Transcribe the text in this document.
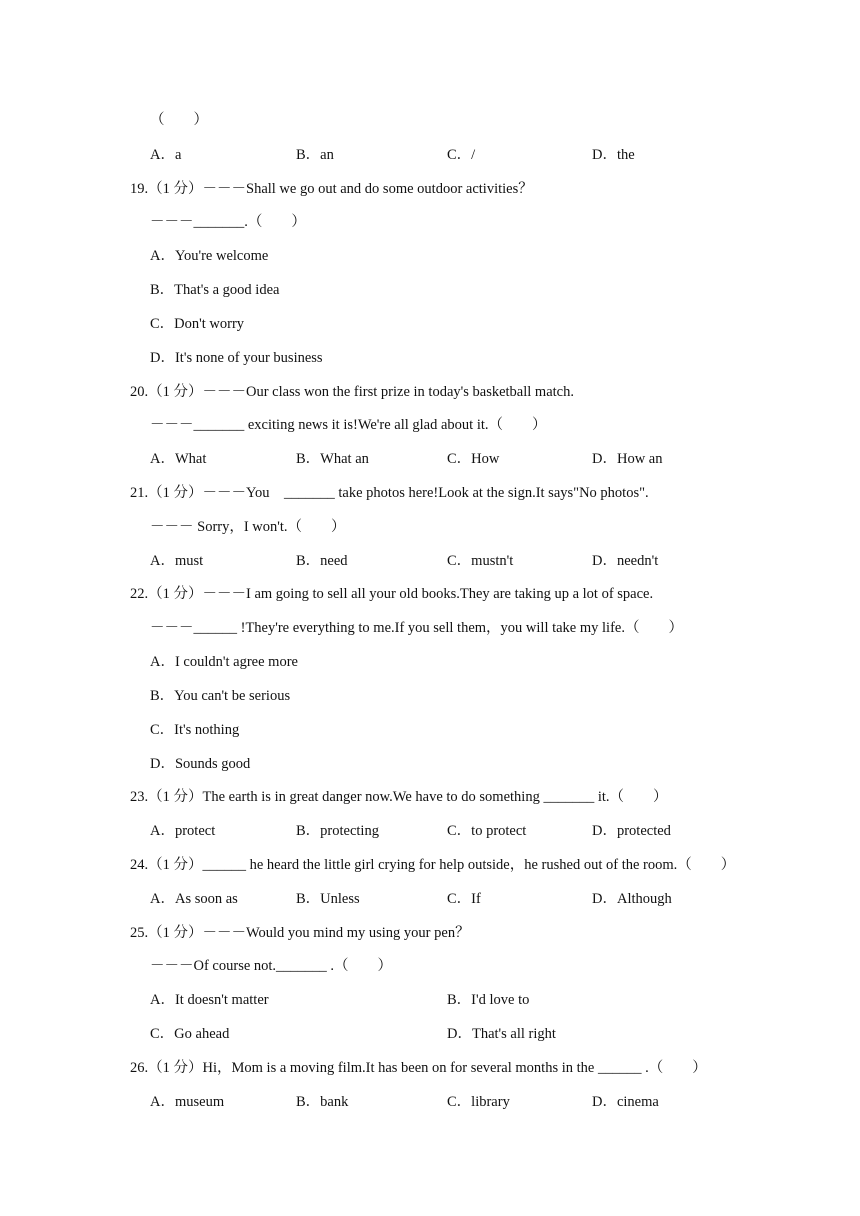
（　　）
A．a	B．an	C．/	D．the
19.（1 分）－－－Shall we go out and do some outdoor activities？
－－－_______.（　　）
A．You're welcome
B．That's a good idea
C．Don't worry
D．It's none of your business
20.（1 分）－－－Our class won the first prize in today's basketball match.
－－－_______ exciting news it is!We're all glad about it.（　　）
A．What	B．What an	C．How	D．How an
21.（1 分）－－－You　_______ take photos here!Look at the sign.It says"No photos".
－－－ Sorry，I won't.（　　）
A．must	B．need	C．mustn't	D．needn't
22.（1 分）－－－I am going to sell all your old books.They are taking up a lot of space.
－－－______ !They're everything to me.If you sell them，you will take my life.（　　）
A．I couldn't agree more
B．You can't be serious
C．It's nothing
D．Sounds good
23.（1 分）The earth is in great danger now.We have to do something _______ it.（　　）
A．protect	B．protecting	C．to protect	D．protected
24.（1 分）______ he heard the little girl crying for help outside，he rushed out of the room.（　　）
A．As soon as	B．Unless	C．If	D．Although
25.（1 分）－－－Would you mind my using your pen？
－－－Of course not._______ .（　　）
A．It doesn't matter	B．I'd love to
C．Go ahead	D．That's all right
26.（1 分）Hi，Mom is a moving film.It has been on for several months in the ______ .（　　）
A．museum	B．bank	C．library	D．cinema
